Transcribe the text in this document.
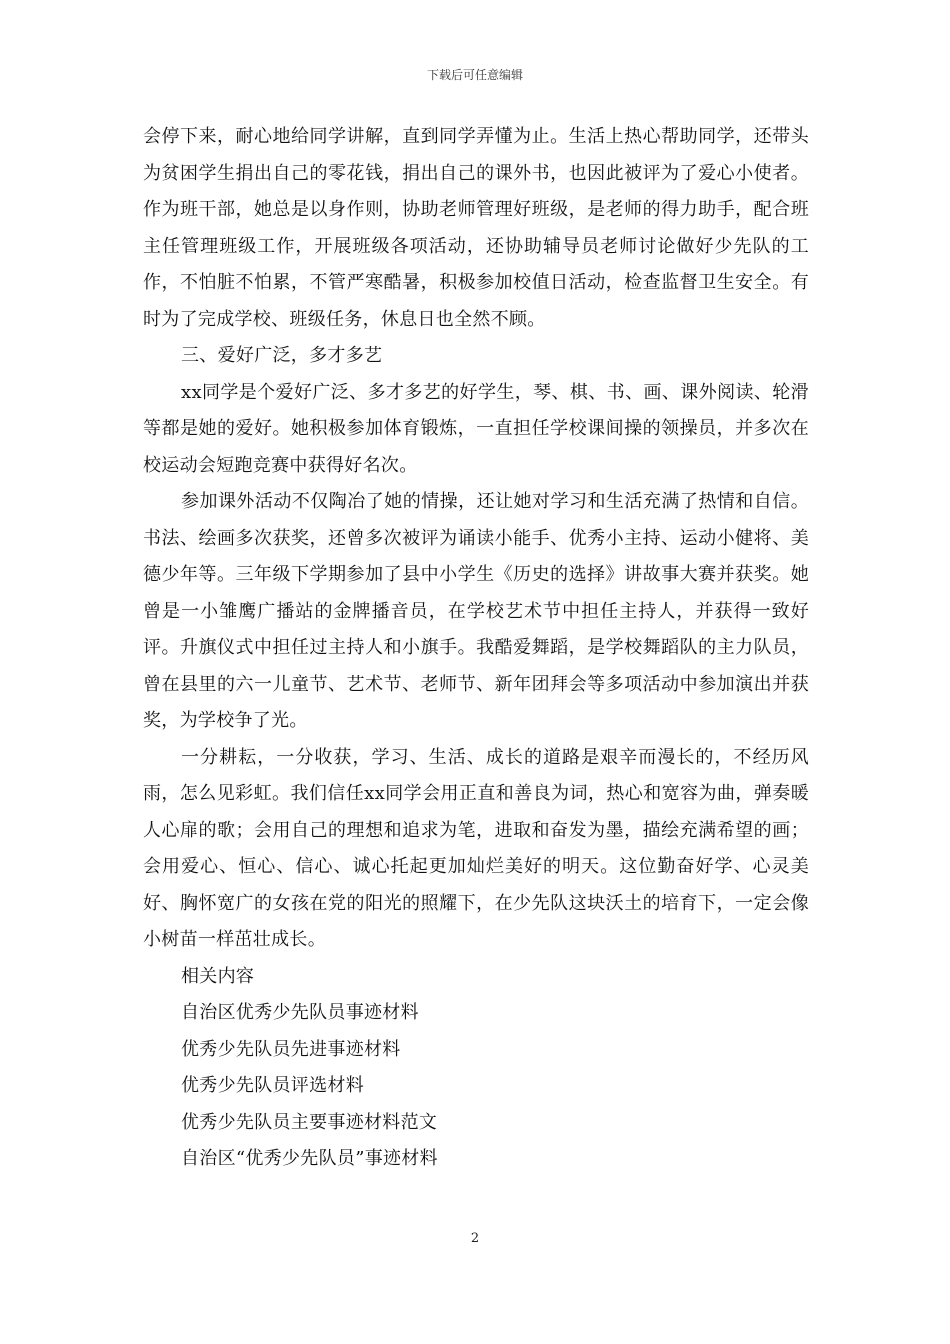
下载后可任意编辑

会停下来，耐心地给同学讲解，直到同学弄懂为止。生活上热心帮助同学，还带头为贫困学生捐出自己的零花钱，捐出自己的课外书，也因此被评为了爱心小使者。作为班干部，她总是以身作则，协助老师管理好班级，是老师的得力助手，配合班主任管理班级工作，开展班级各项活动，还协助辅导员老师讨论做好少先队的工作，不怕脏不怕累，不管严寒酷暑，积极参加校值日活动，检查监督卫生安全。有时为了完成学校、班级任务，休息日也全然不顾。

三、爱好广泛，多才多艺

xx同学是个爱好广泛、多才多艺的好学生，琴、棋、书、画、课外阅读、轮滑等都是她的爱好。她积极参加体育锻炼，一直担任学校课间操的领操员，并多次在校运动会短跑竞赛中获得好名次。

参加课外活动不仅陶冶了她的情操，还让她对学习和生活充满了热情和自信。书法、绘画多次获奖，还曾多次被评为诵读小能手、优秀小主持、运动小健将、美德少年等。三年级下学期参加了县中小学生《历史的选择》讲故事大赛并获奖。她曾是一小雏鹰广播站的金牌播音员，在学校艺术节中担任主持人，并获得一致好评。升旗仪式中担任过主持人和小旗手。我酷爱舞蹈，是学校舞蹈队的主力队员，曾在县里的六一儿童节、艺术节、老师节、新年团拜会等多项活动中参加演出并获奖，为学校争了光。

一分耕耘，一分收获，学习、生活、成长的道路是艰辛而漫长的，不经历风雨，怎么见彩虹。我们信任xx同学会用正直和善良为词，热心和宽容为曲，弹奏暖人心扉的歌；会用自己的理想和追求为笔，进取和奋发为墨，描绘充满希望的画；会用爱心、恒心、信心、诚心托起更加灿烂美好的明天。这位勤奋好学、心灵美好、胸怀宽广的女孩在党的阳光的照耀下，在少先队这块沃土的培育下，一定会像小树苗一样茁壮成长。

相关内容

自治区优秀少先队员事迹材料
优秀少先队员先进事迹材料
优秀少先队员评选材料
优秀少先队员主要事迹材料范文
自治区“优秀少先队员”事迹材料
2
